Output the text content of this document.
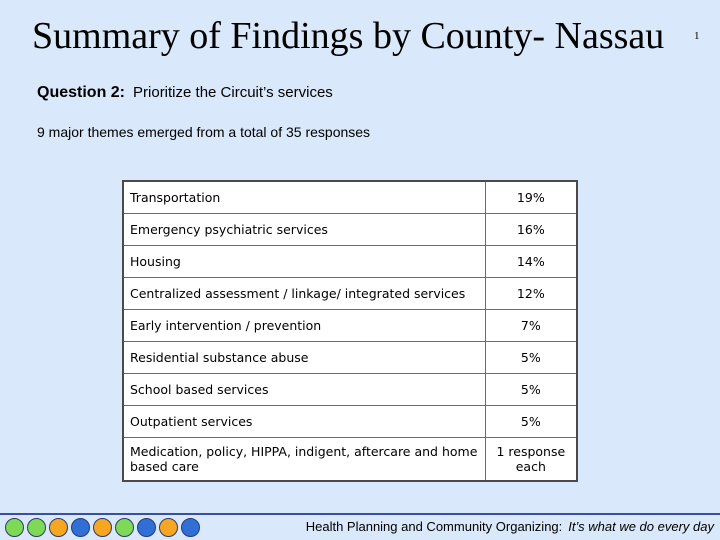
Summary of Findings by County- Nassau	1
Question 2: Prioritize the Circuit’s services
9 major themes emerged from a total of 35 responses
Transportation	19%
Emergency psychiatric services	16%
Housing	14%
Centralized assessment / linkage/ integrated services	12%
Early intervention / prevention	7%
Residential substance abuse	5%
School based services	5%
Outpatient services	5%
Medication, policy, HIPPA, indigent, aftercare and home based care	1 response each
Health Planning and Community Organizing: It’s what we do every day
